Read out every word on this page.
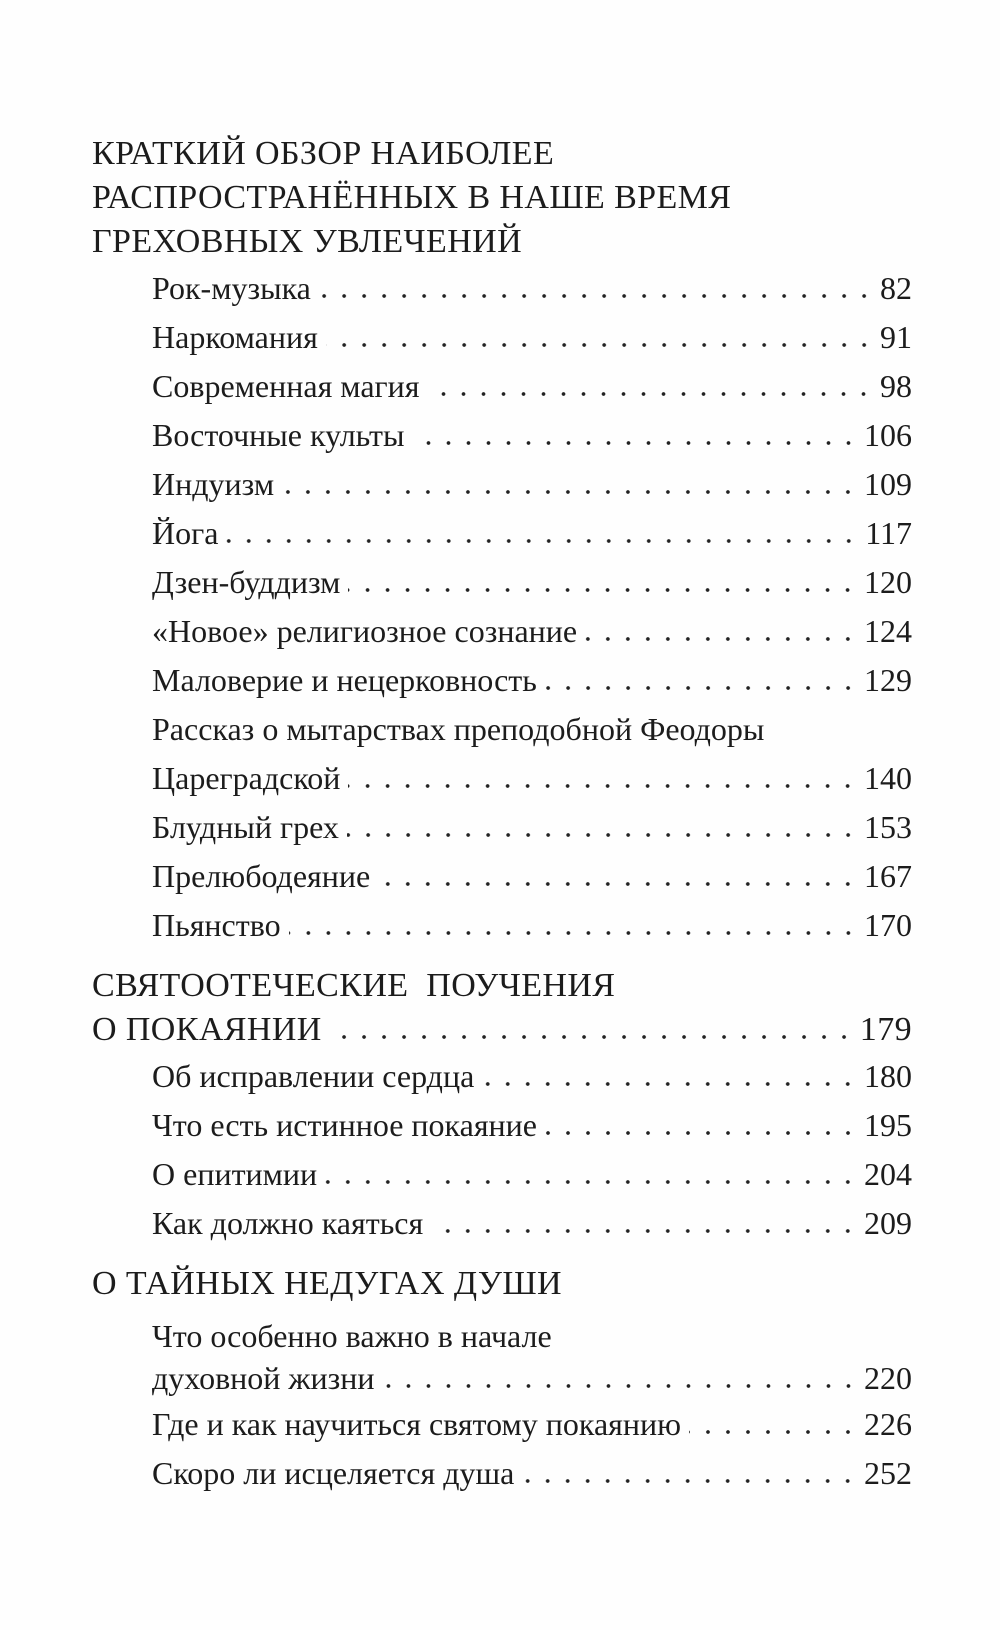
КРАТКИЙ ОБЗОР НАИБОЛЕЕ
РАСПРОСТРАНЁННЫХ В НАШЕ ВРЕМЯ
ГРЕХОВНЫХ УВЛЕЧЕНИЙ
Рок-музыка	82
Наркомания	91
Современная магия	98
Восточные культы	106
Индуизм	109
Йога	117
Дзен-буддизм	120
«Новое» религиозное сознание	124
Маловерие и нецерковность	129
Рассказ о мытарствах преподобной Феодоры
Цареградской	140
Блудный грех	153
Прелюбодеяние	167
Пьянство	170
СВЯТООТЕЧЕСКИЕ  ПОУЧЕНИЯ
О ПОКАЯНИИ	179
Об исправлении сердца	180
Что есть истинное покаяние	195
О епитимии	204
Как должно каяться	209
О ТАЙНЫХ НЕДУГАХ ДУШИ
Что особенно важно в начале
духовной жизни	220
Где и как научиться святому покаянию	226
Скоро ли исцеляется душа	252
